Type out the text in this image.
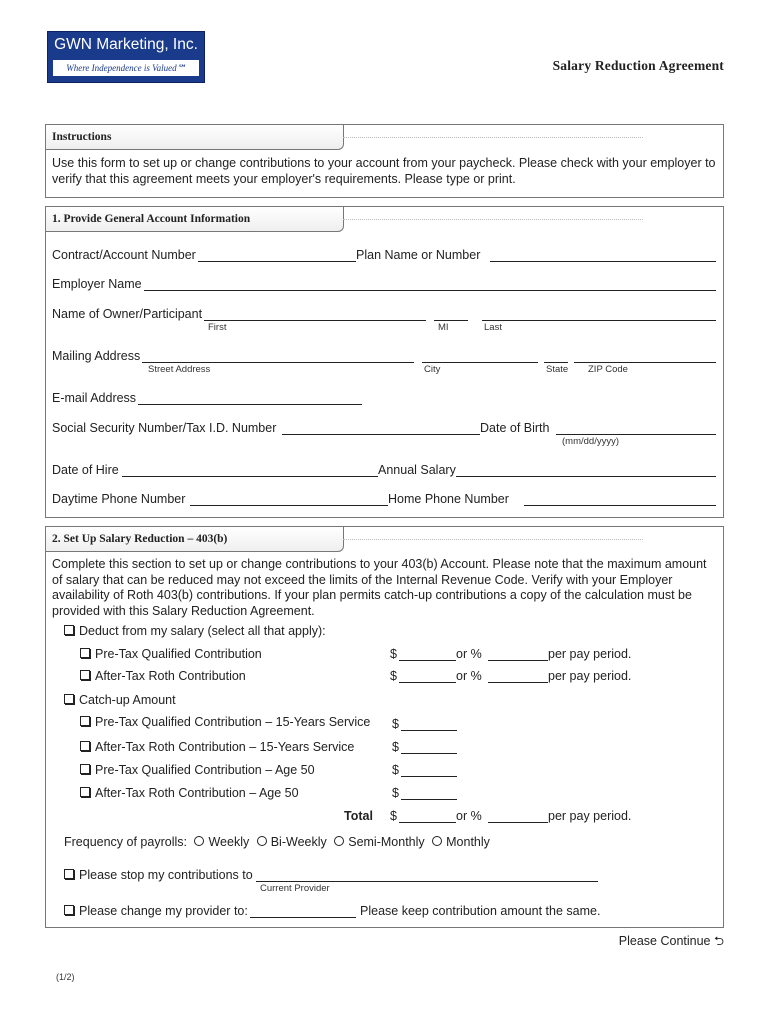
GWN Marketing, Inc.
Where Independence is Valued℠	Salary Reduction Agreement
Instructions
Use this form to set up or change contributions to your account from your paycheck. Please check with your employer to verify that this agreement meets your employer's requirements. Please type or print.
1. Provide General Account Information
Contract/Account Number	Plan Name or Number
Employer Name
Name of Owner/Participant
First	MI	Last
Mailing Address
Street Address	City	State ZIP Code
E-mail Address
Social Security Number/Tax I.D. Number	Date of Birth
(mm/dd/yyyy)
Date of Hire	Annual Salary
Daytime Phone Number	Home Phone Number
2. Set Up Salary Reduction – 403(b)
Complete this section to set up or change contributions to your 403(b) Account. Please note that the maximum amount of salary that can be reduced may not exceed the limits of the Internal Revenue Code. Verify with your Employer availability of Roth 403(b) contributions. If your plan permits catch-up contributions a copy of the calculation must be provided with this Salary Reduction Agreement.
Deduct from my salary (select all that apply):
Pre-Tax Qualified Contribution	$	or %	per pay period.
After-Tax Roth Contribution	$	or %	per pay period.
Catch-up Amount
Pre-Tax Qualified Contribution – 15-Years Service $
After-Tax Roth Contribution – 15-Years Service	$
Pre-Tax Qualified Contribution – Age 50	$
After-Tax Roth Contribution – Age 50	$
Total $	or %	per pay period.
Frequency of payrolls: Weekly Bi-Weekly Semi-Monthly Monthly
Please stop my contributions to
Current Provider
Please change my provider to:	Please keep contribution amount the same.
Please Continue ⮌
(1/2)
